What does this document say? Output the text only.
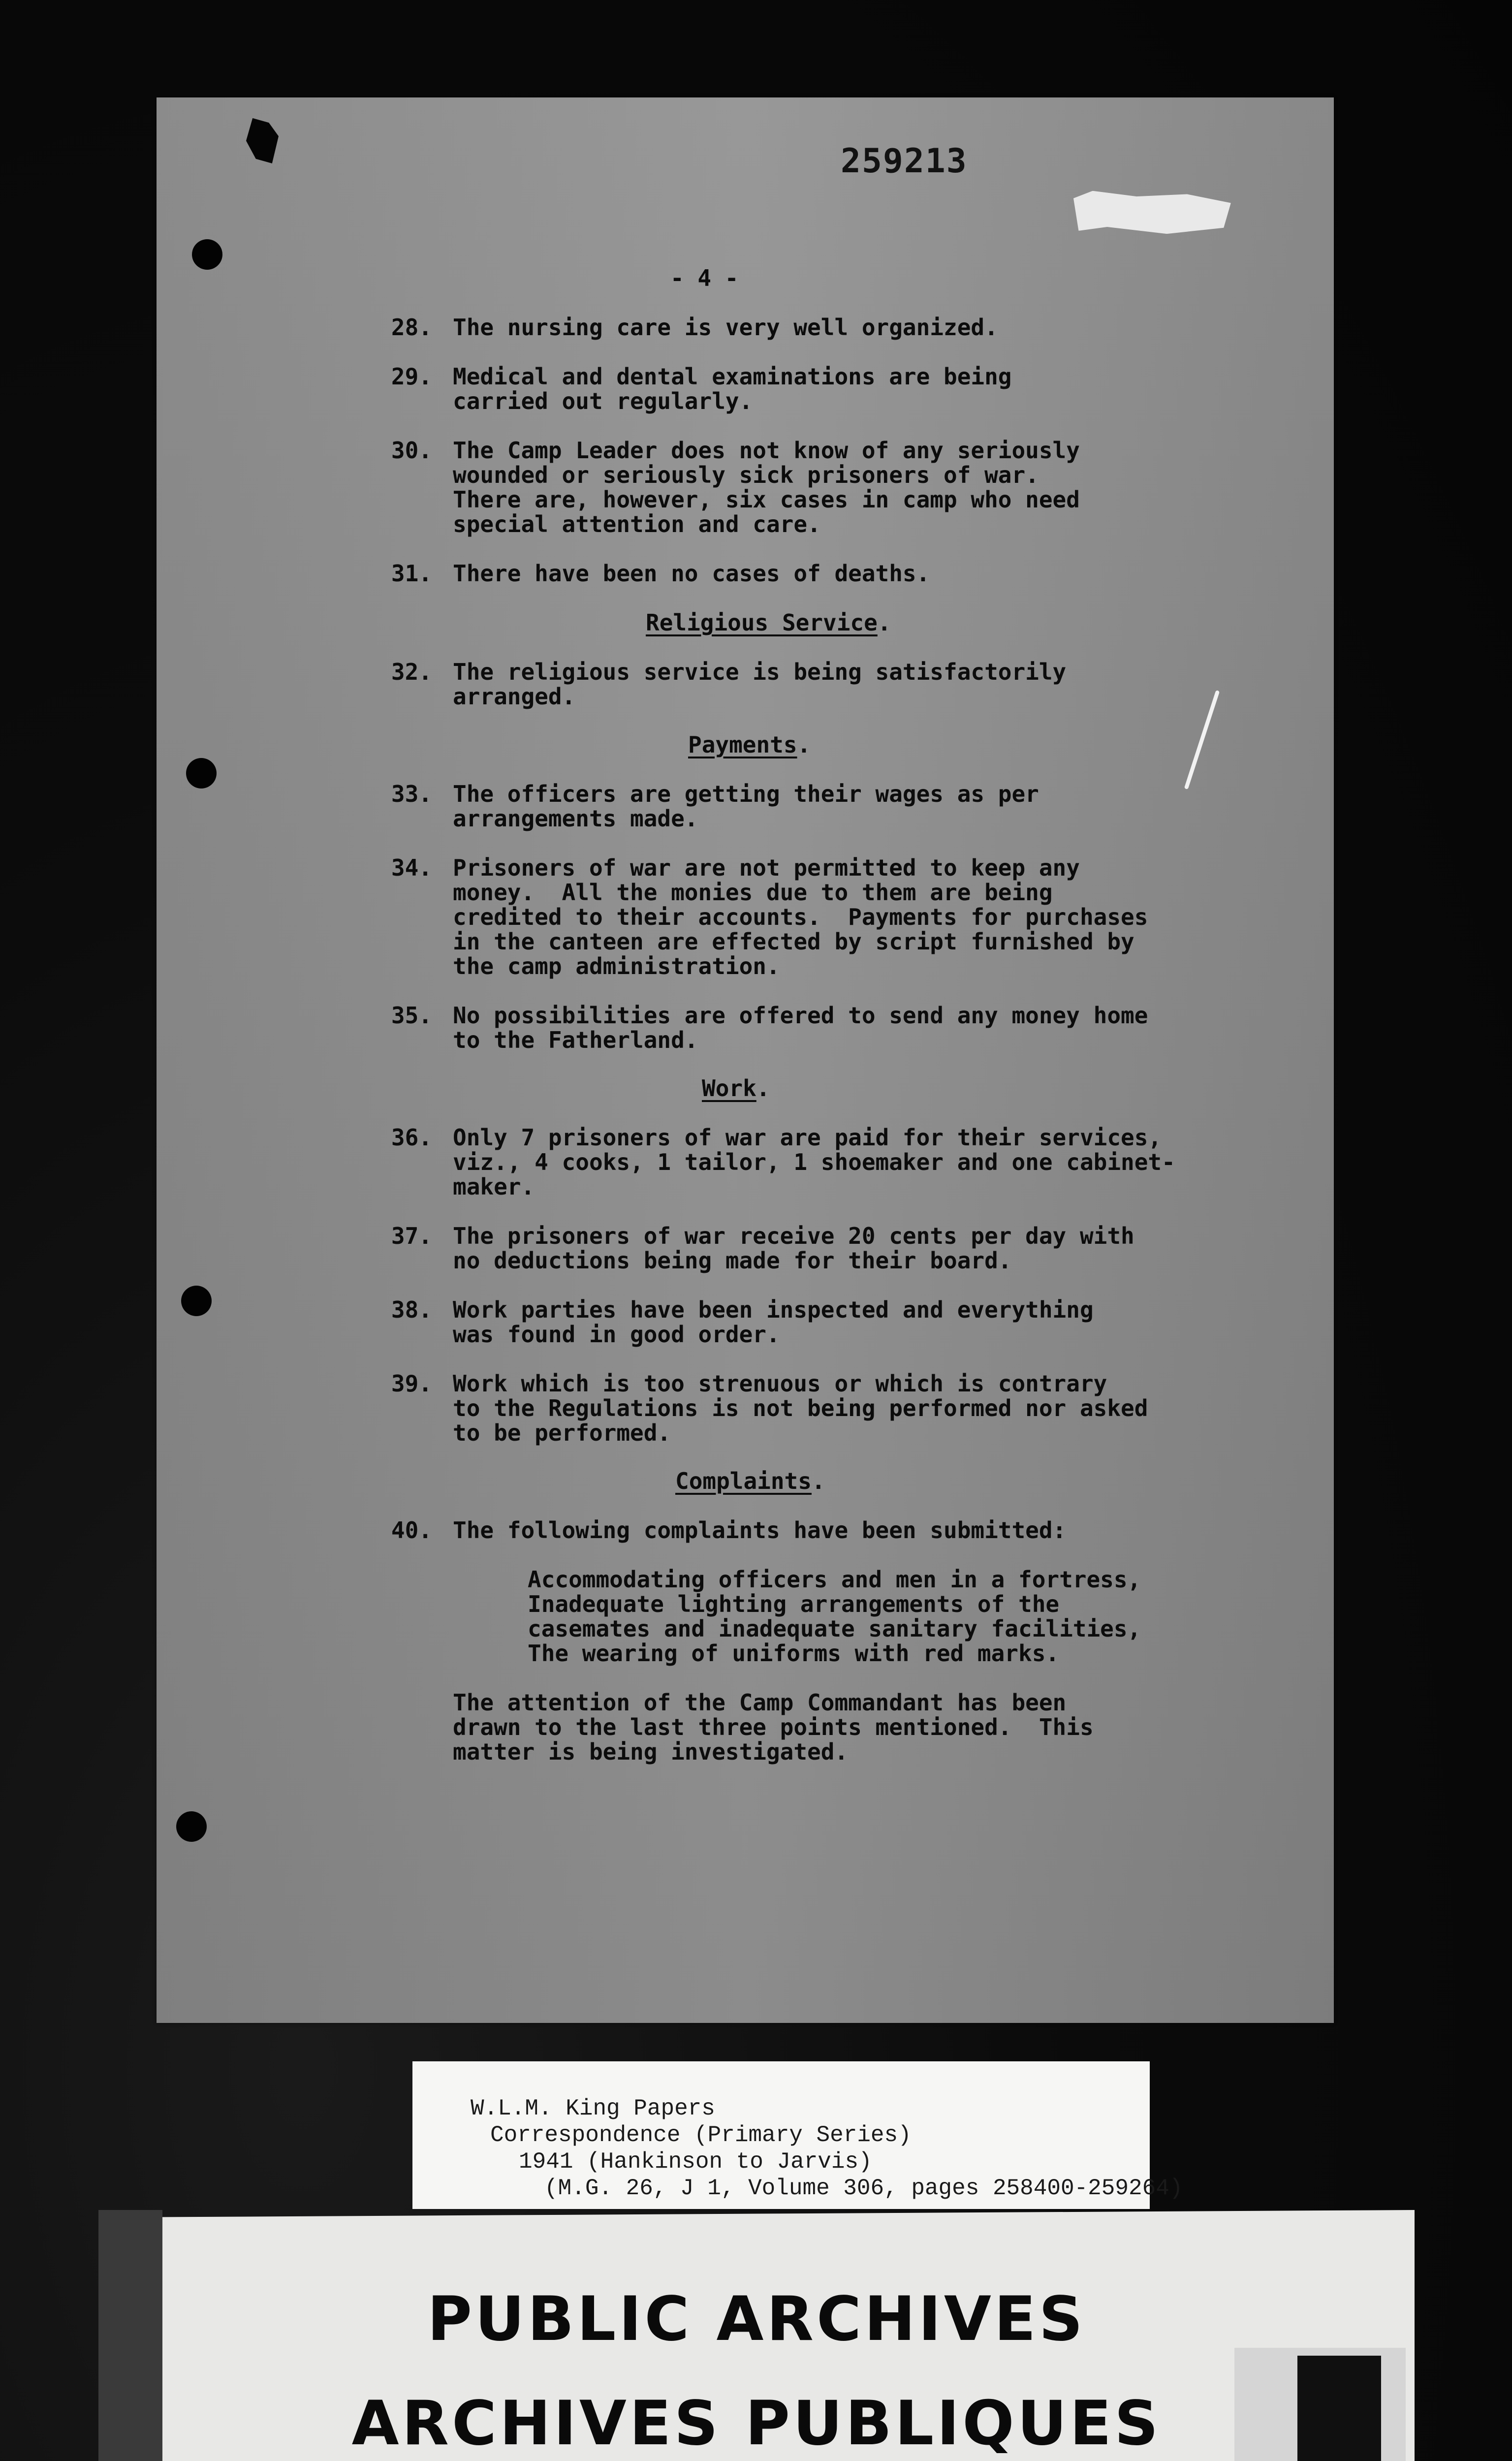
259213
- 4 -
28. The nursing care is very well organized.
29. Medical and dental examinations are being
carried out regularly.
30. The Camp Leader does not know of any seriously
wounded or seriously sick prisoners of war.
There are, however, six cases in camp who need
special attention and care.
31. There have been no cases of deaths.
Religious Service.
32. The religious service is being satisfactorily
arranged.
Payments.
33. The officers are getting their wages as per
arrangements made.
34. Prisoners of war are not permitted to keep any
money.  All the monies due to them are being
credited to their accounts.  Payments for purchases
in the canteen are effected by script furnished by
the camp administration.
35. No possibilities are offered to send any money home
to the Fatherland.
Work.
36. Only 7 prisoners of war are paid for their services,
viz., 4 cooks, 1 tailor, 1 shoemaker and one cabinet-
maker.
37. The prisoners of war receive 20 cents per day with
no deductions being made for their board.
38. Work parties have been inspected and everything
was found in good order.
39. Work which is too strenuous or which is contrary
to the Regulations is not being performed nor asked
to be performed.
Complaints.
40. The following complaints have been submitted:
Accommodating officers and men in a fortress,
Inadequate lighting arrangements of the
casemates and inadequate sanitary facilities,
The wearing of uniforms with red marks.
The attention of the Camp Commandant has been
drawn to the last three points mentioned.  This
matter is being investigated.
W.L.M. King Papers
Correspondence (Primary Series)
1941 (Hankinson to Jarvis)
(M.G. 26, J 1, Volume 306, pages 258400-259264)
PUBLIC ARCHIVES
ARCHIVES PUBLIQUES
